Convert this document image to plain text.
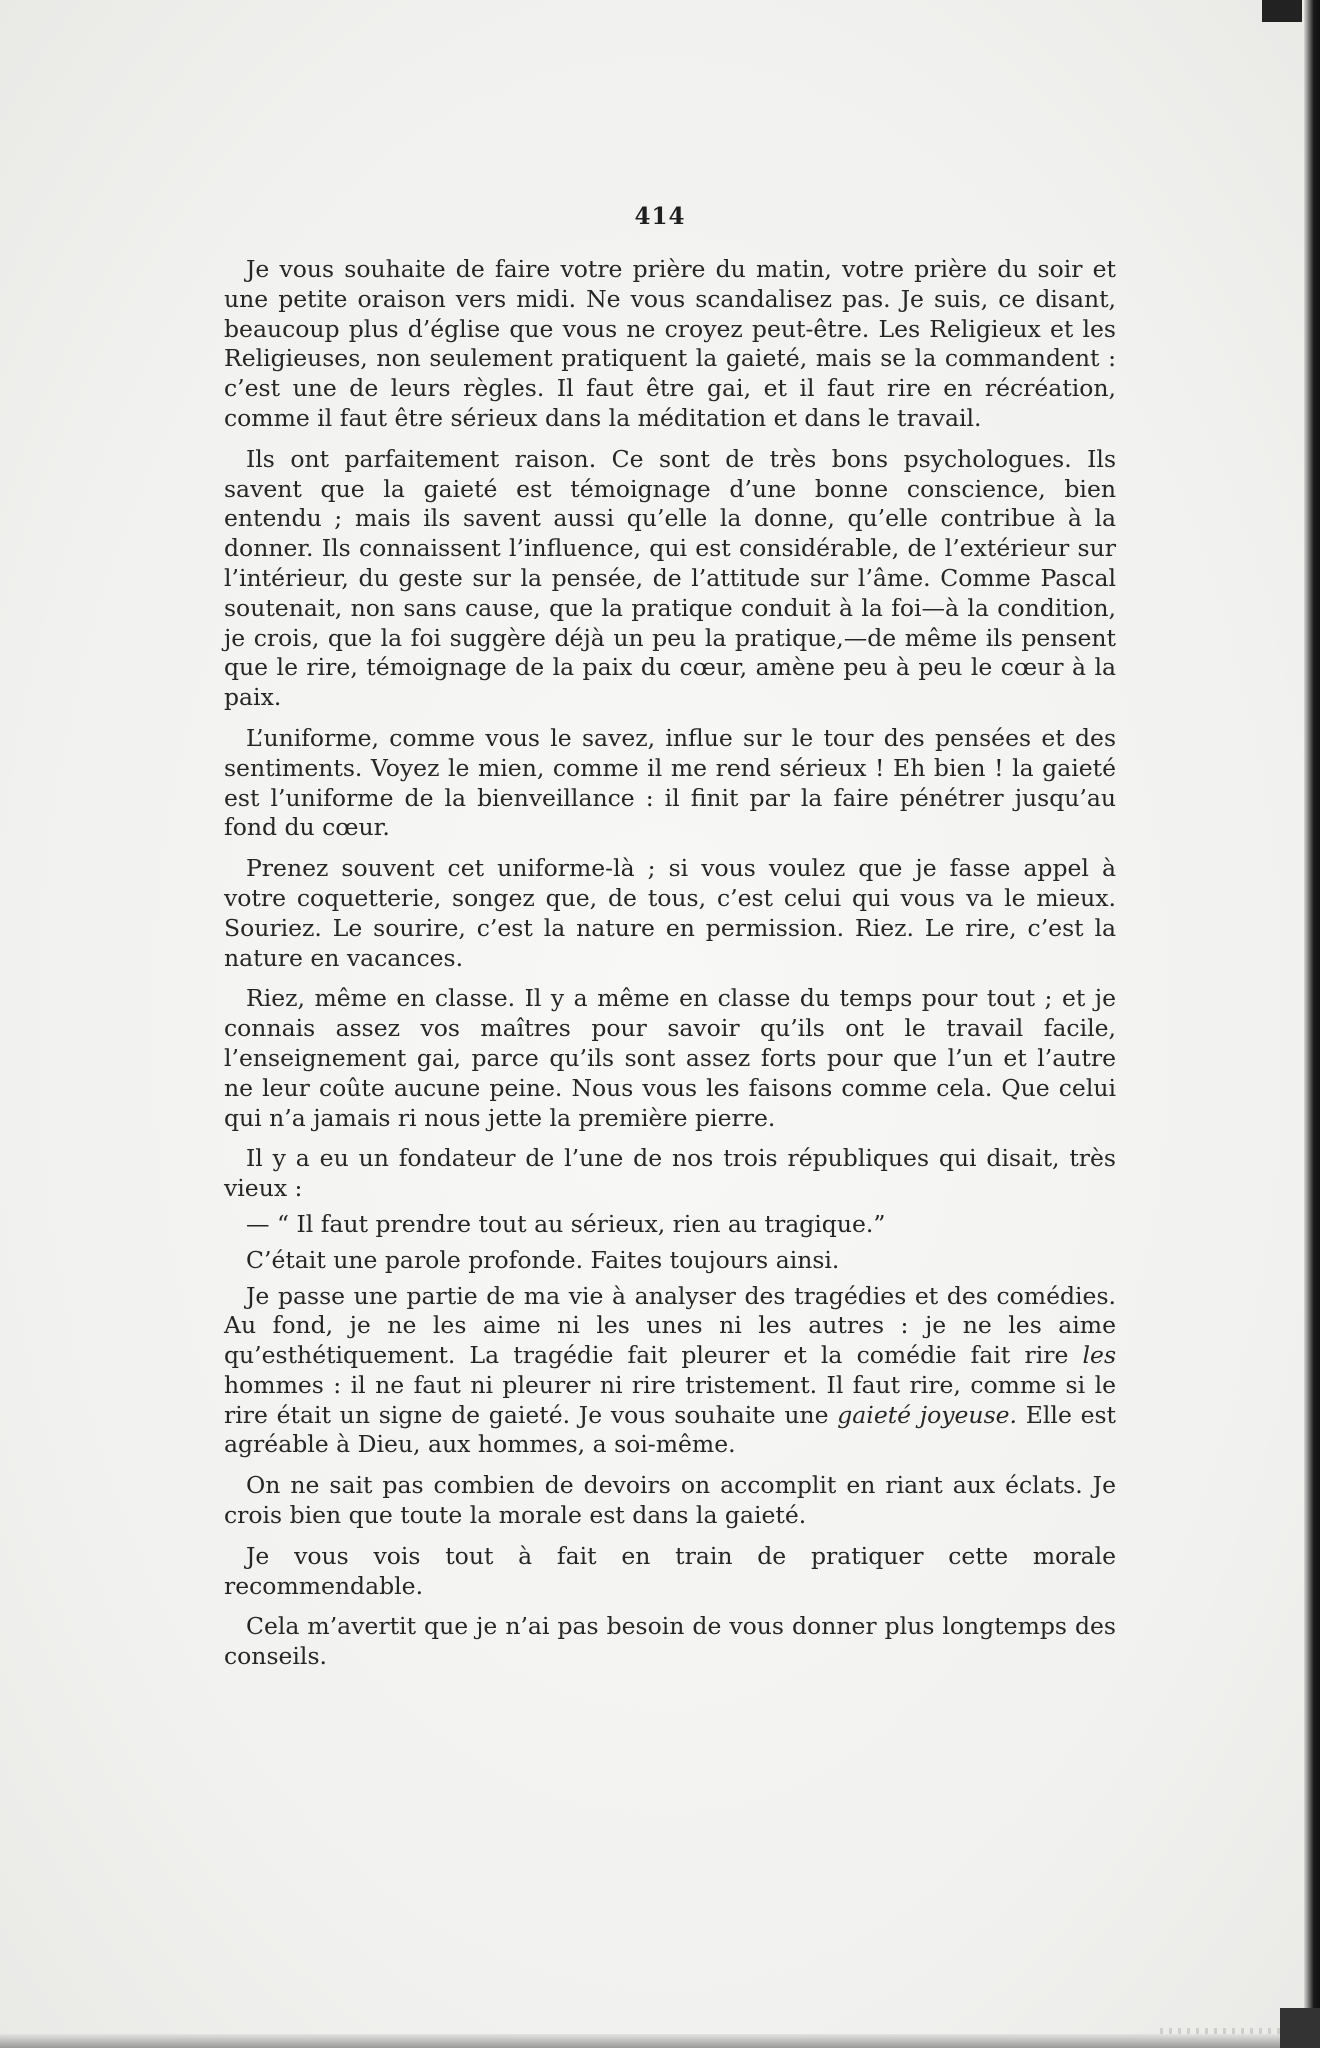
414

Je vous souhaite de faire votre prière du matin, votre prière du soir et une petite oraison vers midi. Ne vous scandalisez pas. Je suis, ce disant, beaucoup plus d’église que vous ne croyez peut-être. Les Religieux et les Religieuses, non seulement pratiquent la gaieté, mais se la commandent : c’est une de leurs règles. Il faut être gai, et il faut rire en récréation, comme il faut être sérieux dans la méditation et dans le travail.

Ils ont parfaitement raison. Ce sont de très bons psychologues. Ils savent que la gaieté est témoignage d’une bonne conscience, bien entendu ; mais ils savent aussi qu’elle la donne, qu’elle contribue à la donner. Ils connaissent l’influence, qui est considérable, de l’extérieur sur l’intérieur, du geste sur la pensée, de l’attitude sur l’âme. Comme Pascal soutenait, non sans cause, que la pratique conduit à la foi—à la condition, je crois, que la foi suggère déjà un peu la pratique,—de même ils pensent que le rire, témoignage de la paix du cœur, amène peu à peu le cœur à la paix.

L’uniforme, comme vous le savez, influe sur le tour des pensées et des sentiments. Voyez le mien, comme il me rend sérieux ! Eh bien ! la gaieté est l’uniforme de la bienveillance : il finit par la faire pénétrer jusqu’au fond du cœur.

Prenez souvent cet uniforme-là ; si vous voulez que je fasse appel à votre coquetterie, songez que, de tous, c’est celui qui vous va le mieux. Souriez. Le sourire, c’est la nature en permission. Riez. Le rire, c’est la nature en vacances.

Riez, même en classe. Il y a même en classe du temps pour tout ; et je connais assez vos maîtres pour savoir qu’ils ont le travail facile, l’enseignement gai, parce qu’ils sont assez forts pour que l’un et l’autre ne leur coûte aucune peine. Nous vous les faisons comme cela. Que celui qui n’a jamais ri nous jette la première pierre.

Il y a eu un fondateur de l’une de nos trois républiques qui disait, très vieux :

— “ Il faut prendre tout au sérieux, rien au tragique.”

C’était une parole profonde. Faites toujours ainsi.

Je passe une partie de ma vie à analyser des tragédies et des comédies. Au fond, je ne les aime ni les unes ni les autres : je ne les aime qu’esthétiquement. La tragédie fait pleurer et la comédie fait rire les hommes : il ne faut ni pleurer ni rire tristement. Il faut rire, comme si le rire était un signe de gaieté. Je vous souhaite une gaieté joyeuse. Elle est agréable à Dieu, aux hommes, a soi-même.

On ne sait pas combien de devoirs on accomplit en riant aux éclats. Je crois bien que toute la morale est dans la gaieté.

Je vous vois tout à fait en train de pratiquer cette morale recommendable.

Cela m’avertit que je n’ai pas besoin de vous donner plus longtemps des conseils.
